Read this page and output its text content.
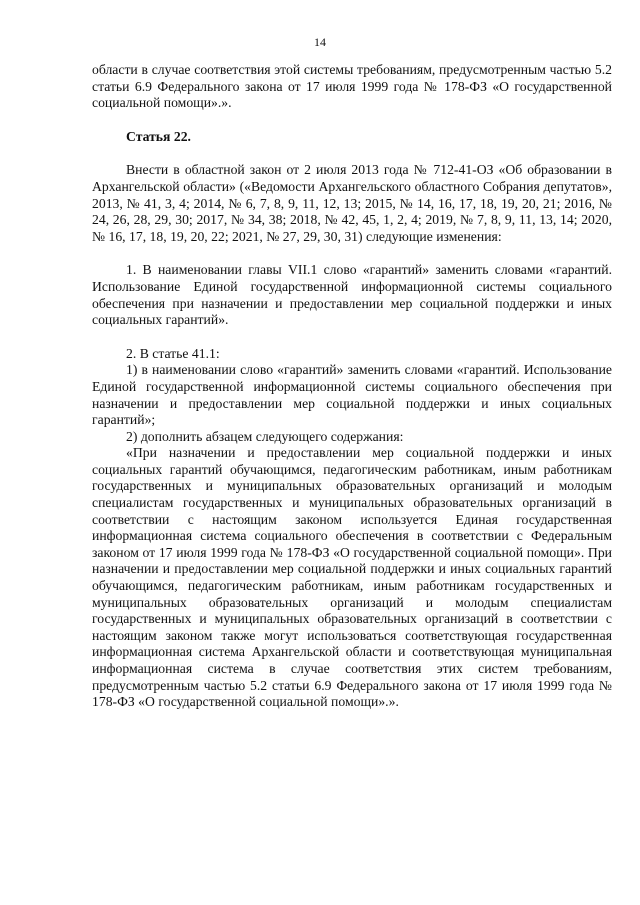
14

области в случае соответствия этой системы требованиям, предусмотренным частью 5.2 статьи 6.9 Федерального закона от 17 июля 1999 года № 178-ФЗ «О государственной социальной помощи».».

Статья 22.

Внести в областной закон от 2 июля 2013 года № 712-41-ОЗ «Об образовании в Архангельской области» («Ведомости Архангельского областного Собрания депутатов», 2013, № 41, 3, 4; 2014, № 6, 7, 8, 9, 11, 12, 13; 2015, № 14, 16, 17, 18, 19, 20, 21; 2016, № 24, 26, 28, 29, 30; 2017, № 34, 38; 2018, № 42, 45, 1, 2, 4; 2019, № 7, 8, 9, 11, 13, 14; 2020, № 16, 17, 18, 19, 20, 22; 2021, № 27, 29, 30, 31) следующие изменения:

1. В наименовании главы VII.1 слово «гарантий» заменить словами «гарантий. Использование Единой государственной информационной системы социального обеспечения при назначении и предоставлении мер социальной поддержки и иных социальных гарантий».

2. В статье 41.1:

1) в наименовании слово «гарантий» заменить словами «гарантий. Использование Единой государственной информационной системы социального обеспечения при назначении и предоставлении мер социальной поддержки и иных социальных гарантий»;

2) дополнить абзацем следующего содержания:

«При назначении и предоставлении мер социальной поддержки и иных социальных гарантий обучающимся, педагогическим работникам, иным работникам государственных и муниципальных образовательных организаций и молодым специалистам государственных и муниципальных образовательных организаций в соответствии с настоящим законом используется Единая государственная информационная система социального обеспечения в соответствии с Федеральным законом от 17 июля 1999 года № 178-ФЗ «О государственной социальной помощи». При назначении и предоставлении мер социальной поддержки и иных социальных гарантий обучающимся, педагогическим работникам, иным работникам государственных и муниципальных образовательных организаций и молодым специалистам государственных и муниципальных образовательных организаций в соответствии с настоящим законом также могут использоваться соответствующая государственная информационная система Архангельской области и соответствующая муниципальная информационная система в случае соответствия этих систем требованиям, предусмотренным частью 5.2 статьи 6.9 Федерального закона от 17 июля 1999 года № 178-ФЗ «О государственной социальной помощи».».
